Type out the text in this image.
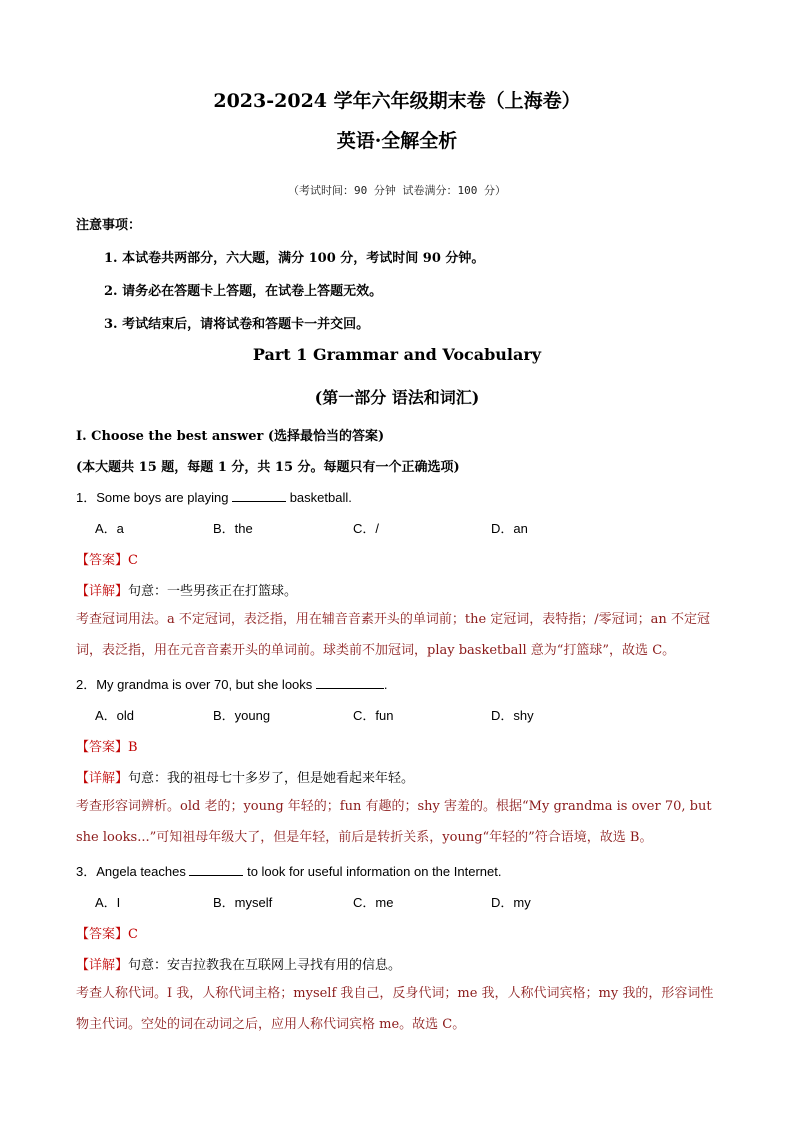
2023-2024 学年六年级期末卷（上海卷）
英语·全解全析
（考试时间：90 分钟 试卷满分：100 分）
注意事项：
1. 本试卷共两部分，六大题，满分 100 分，考试时间 90 分钟。
2. 请务必在答题卡上答题，在试卷上答题无效。
3. 考试结束后，请将试卷和答题卡一并交回。
Part 1 Grammar and Vocabulary
(第一部分 语法和词汇)
I. Choose the best answer (选择最恰当的答案)
(本大题共 15 题，每题 1 分，共 15 分。每题只有一个正确选项)
1．Some boys are playing	basketball.
A．a	B．the	C．/	D．an
【答案】C
【详解】句意：一些男孩正在打篮球。
考查冠词用法。a 不定冠词，表泛指，用在辅音音素开头的单词前；the 定冠词，表特指；/零冠词；an 不定冠词，表泛指，用在元音音素开头的单词前。球类前不加冠词，play basketball 意为“打篮球”，故选 C。
2．My grandma is over 70, but she looks	.
A．old	B．young	C．fun	D．shy
【答案】B
【详解】句意：我的祖母七十多岁了，但是她看起来年轻。
考查形容词辨析。old 老的；young 年轻的；fun 有趣的；shy 害羞的。根据“My grandma is over 70, but she looks...”可知祖母年级大了，但是年轻，前后是转折关系，young“年轻的”符合语境，故选 B。
3．Angela teaches	to look for useful information on the Internet.
A．I	B．myself	C．me	D．my
【答案】C
【详解】句意：安吉拉教我在互联网上寻找有用的信息。
考查人称代词。I 我，人称代词主格；myself 我自己，反身代词；me 我，人称代词宾格；my 我的，形容词性物主代词。空处的词在动词之后，应用人称代词宾格 me。故选 C。
